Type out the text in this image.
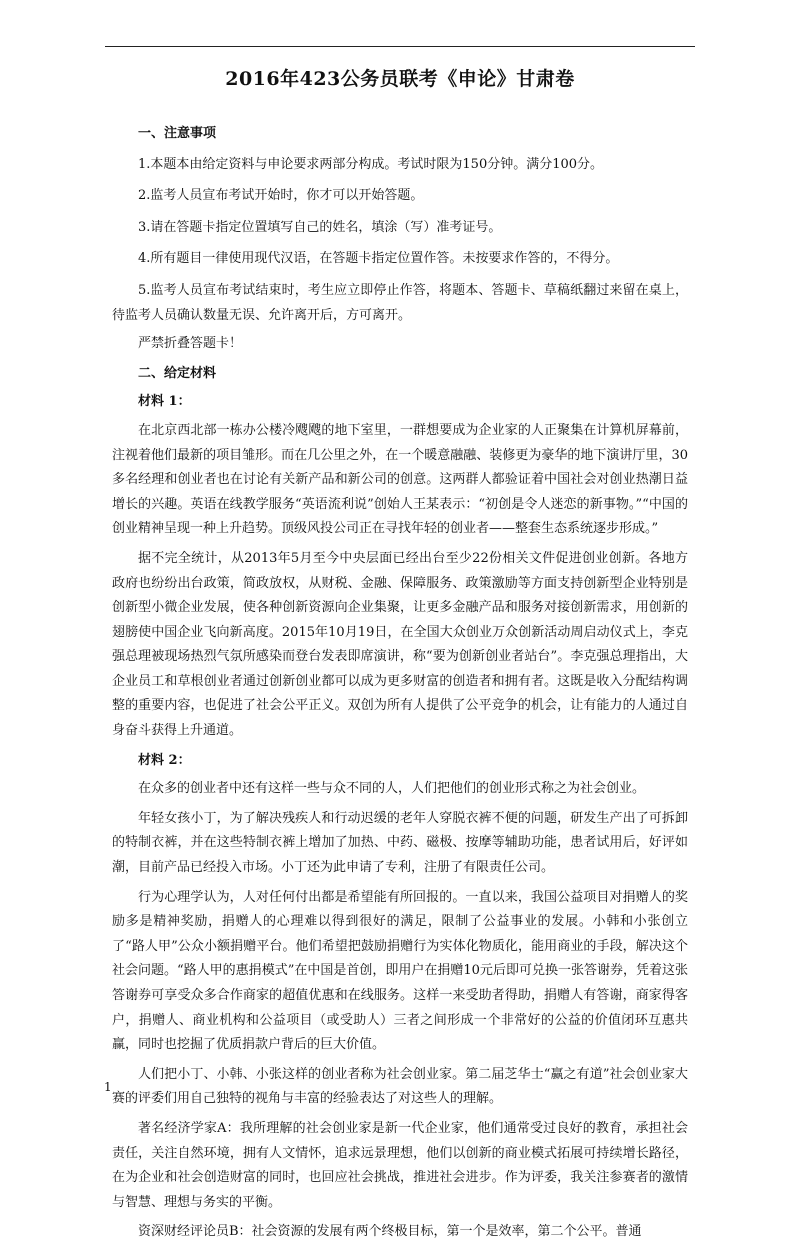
2016年423公务员联考《申论》甘肃卷

一、注意事项

1.本题本由给定资料与申论要求两部分构成。考试时限为150分钟。满分100分。

2.监考人员宣布考试开始时，你才可以开始答题。

3.请在答题卡指定位置填写自己的姓名，填涂（写）准考证号。

4.所有题目一律使用现代汉语，在答题卡指定位置作答。未按要求作答的，不得分。

5.监考人员宣布考试结束时，考生应立即停止作答，将题本、答题卡、草稿纸翻过来留在桌上，待监考人员确认数量无误、允许离开后，方可离开。

严禁折叠答题卡！

二、给定材料

材料 1：

在北京西北部一栋办公楼冷飕飕的地下室里，一群想要成为企业家的人正聚集在计算机屏幕前，注视着他们最新的项目雏形。而在几公里之外，在一个暖意融融、装修更为豪华的地下演讲厅里，30多名经理和创业者也在讨论有关新产品和新公司的创意。这两群人都验证着中国社会对创业热潮日益增长的兴趣。英语在线教学服务“英语流利说”创始人王某表示：“初创是令人迷恋的新事物。”“中国的创业精神呈现一种上升趋势。顶级风投公司正在寻找年轻的创业者——整套生态系统逐步形成。”

据不完全统计，从2013年5月至今中央层面已经出台至少22份相关文件促进创业创新。各地方政府也纷纷出台政策，简政放权，从财税、金融、保障服务、政策激励等方面支持创新型企业特别是创新型小微企业发展，使各种创新资源向企业集聚，让更多金融产品和服务对接创新需求，用创新的翅膀使中国企业飞向新高度。2015年10月19日，在全国大众创业万众创新活动周启动仪式上，李克强总理被现场热烈气氛所感染而登台发表即席演讲，称“要为创新创业者站台”。李克强总理指出，大企业员工和草根创业者通过创新创业都可以成为更多财富的创造者和拥有者。这既是收入分配结构调整的重要内容，也促进了社会公平正义。双创为所有人提供了公平竞争的机会，让有能力的人通过自身奋斗获得上升通道。

材料 2：

在众多的创业者中还有这样一些与众不同的人，人们把他们的创业形式称之为社会创业。

年轻女孩小丁，为了解决残疾人和行动迟缓的老年人穿脱衣裤不便的问题，研发生产出了可拆卸的特制衣裤，并在这些特制衣裤上增加了加热、中药、磁极、按摩等辅助功能，患者试用后，好评如潮，目前产品已经投入市场。小丁还为此申请了专利，注册了有限责任公司。

行为心理学认为，人对任何付出都是希望能有所回报的。一直以来，我国公益项目对捐赠人的奖励多是精神奖励，捐赠人的心理难以得到很好的满足，限制了公益事业的发展。小韩和小张创立了“路人甲”公众小额捐赠平台。他们希望把鼓励捐赠行为实体化物质化，能用商业的手段，解决这个社会问题。“路人甲的惠捐模式”在中国是首创，即用户在捐赠10元后即可兑换一张答谢券，凭着这张答谢券可享受众多合作商家的超值优惠和在线服务。这样一来受助者得助，捐赠人有答谢，商家得客户，捐赠人、商业机构和公益项目（或受助人）三者之间形成一个非常好的公益的价值闭环互惠共赢，同时也挖掘了优质捐款户背后的巨大价值。

人们把小丁、小韩、小张这样的创业者称为社会创业家。第二届芝华士“赢之有道”社会创业家大赛的评委们用自己独特的视角与丰富的经验表达了对这些人的理解。

著名经济学家A：我所理解的社会创业家是新一代企业家，他们通常受过良好的教育，承担社会责任，关注自然环境，拥有人文情怀，追求远景理想，他们以创新的商业模式拓展可持续增长路径，在为企业和社会创造财富的同时，也回应社会挑战，推进社会进步。作为评委，我关注参赛者的激情与智慧、理想与务实的平衡。

资深财经评论员B：社会资源的发展有两个终极目标，第一个是效率，第二个公平。普通

1
